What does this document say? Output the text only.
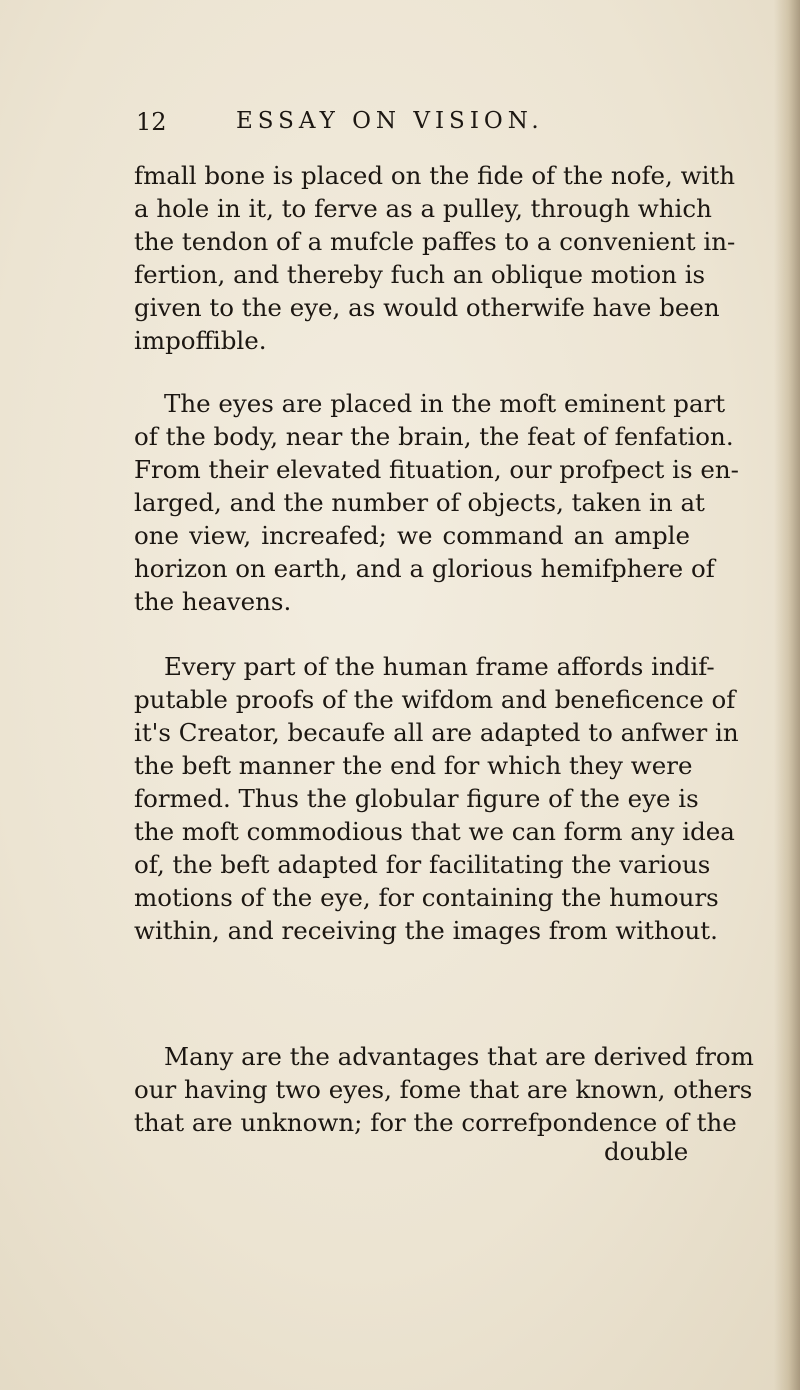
12	ESSAY ON VISION.
fmall bone is placed on the fide of the nofe, with
a hole in it, to ferve as a pulley, through which
the tendon of a mufcle paffes to a convenient in-
fertion, and thereby fuch an oblique motion is
given to the eye, as would otherwife have been
impoffible.
The eyes are placed in the moft eminent part
of the body, near the brain, the feat of fenfation.
From their elevated fituation, our profpect is en-
larged, and the number of objects, taken in at
one view, increafed; we command an ample
horizon on earth, and a glorious hemifphere of
the heavens.
Every part of the human frame affords indif-
putable proofs of the wifdom and beneficence of
it's Creator, becaufe all are adapted to anfwer in
the beft manner the end for which they were
formed. Thus the globular figure of the eye is
the moft commodious that we can form any idea
of, the beft adapted for facilitating the various
motions of the eye, for containing the humours
within, and receiving the images from without.
Many are the advantages that are derived from
our having two eyes, fome that are known, others
that are unknown; for the correfpondence of the
double
